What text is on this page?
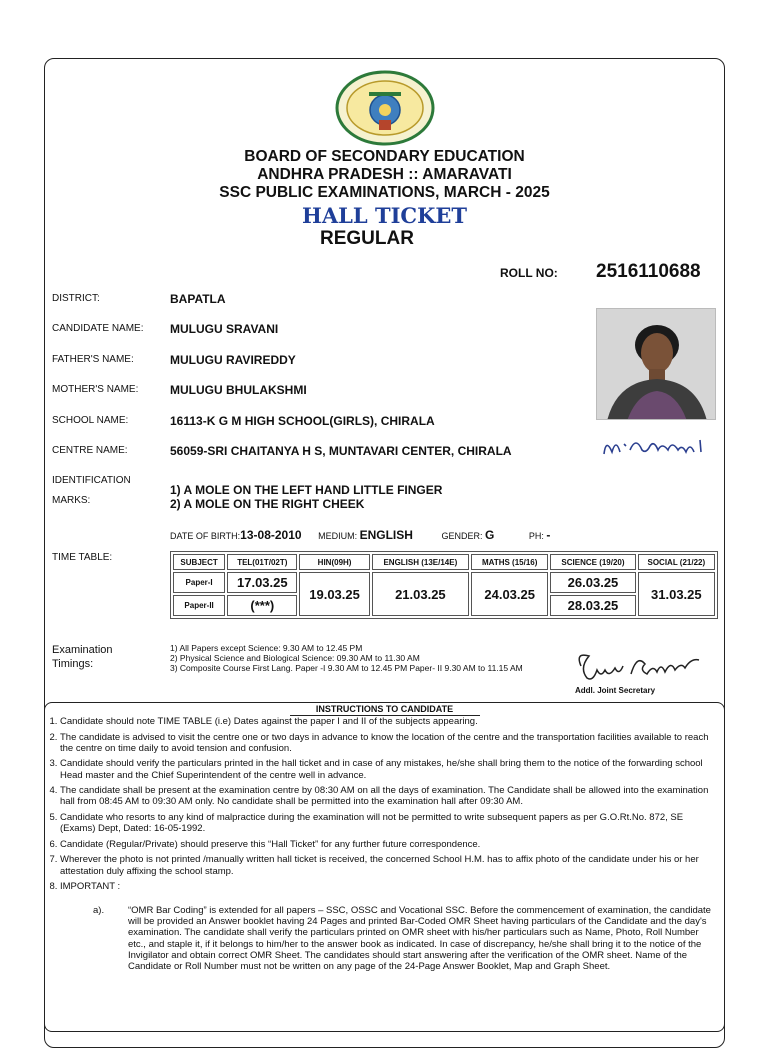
BOARD OF SECONDARY EDUCATION
ANDHRA PRADESH :: AMARAVATI
SSC PUBLIC EXAMINATIONS, MARCH - 2025
HALL TICKET
REGULAR
ROLL NO: 2516110688
DISTRICT:	BAPATLA
CANDIDATE NAME: MULUGU SRAVANI
FATHER'S NAME:	MULUGU RAVIREDDY
MOTHER'S NAME:	MULUGU BHULAKSHMI
SCHOOL NAME:	16113-K G M HIGH SCHOOL(GIRLS), CHIRALA
CENTRE NAME:	56059-SRI CHAITANYA H S, MUNTAVARI CENTER, CHIRALA
IDENTIFICATION
MARKS:
1) A MOLE ON THE LEFT HAND LITTLE FINGER
2) A MOLE ON THE RIGHT CHEEK
DATE OF BIRTH:13-08-2010 MEDIUM: ENGLISH	GENDER: G	PH: -
TIME TABLE:	SUBJECT	TEL(01T/02T)	HIN(09H)	ENGLISH (13E/14E)	MATHS (15/16)	SCIENCE (19/20)	SOCIAL (21/22)
Paper-I	17.03.25	19.03.25	21.03.25	24.03.25	26.03.25	31.03.25
Paper-II	(***)				28.03.25	
Examination
Timings:
1) All Papers except Science: 9.30 AM to 12.45 PM
2) Physical Science and Biological Science: 09.30 AM to 11.30 AM
3) Composite Course First Lang. Paper -I 9.30 AM to 12.45 PM Paper- II 9.30 AM to 11.15 AM
Addl. Joint Secretary
INSTRUCTIONS TO CANDIDATE
1. Candidate should note TIME TABLE (i.e) Dates against the paper I and II of the subjects appearing.
2. The candidate is advised to visit the centre one or two days in advance to know the location of the centre and the transportation facilities available to reach the centre on time daily to avoid tension and confusion.
3. Candidate should verify the particulars printed in the hall ticket and in case of any mistakes, he/she shall bring them to the notice of the forwarding school Head master and the Chief Superintendent of the centre well in advance.
4. The candidate shall be present at the examination centre by 08:30 AM on all the days of examination. The Candidate shall be allowed into the examination hall from 08:45 AM to 09:30 AM only. No candidate shall be permitted into the examination hall after 09:30 AM.
5. Candidate who resorts to any kind of malpractice during the examination will not be permitted to write subsequent papers as per G.O.Rt.No. 872, SE (Exams) Dept, Dated: 16-05-1992.
6. Candidate (Regular/Private) should preserve this “Hall Ticket” for any further future correspondence.
7. Wherever the photo is not printed /manually written hall ticket is received, the concerned School H.M. has to affix photo of the candidate under his or her attestation duly affixing the school stamp.
8. IMPORTANT :
a).	“OMR Bar Coding” is extended for all papers – SSC, OSSC and Vocational SSC. Before the commencement of examination, the candidate will be provided an Answer booklet having 24 Pages and printed Bar-Coded OMR Sheet having particulars of the Candidate and the day's examination. The candidate shall verify the particulars printed on OMR sheet with his/her particulars such as Name, Photo, Roll Number etc., and staple it, if it belongs to him/her to the answer book as indicated. In case of discrepancy, he/she shall bring it to the notice of the Invigilator and obtain correct OMR Sheet. The candidates should start answering after the verification of the OMR sheet. Name of the Candidate or Roll Number must not be written on any page of the 24-Page Answer Booklet, Map and Graph Sheet.
